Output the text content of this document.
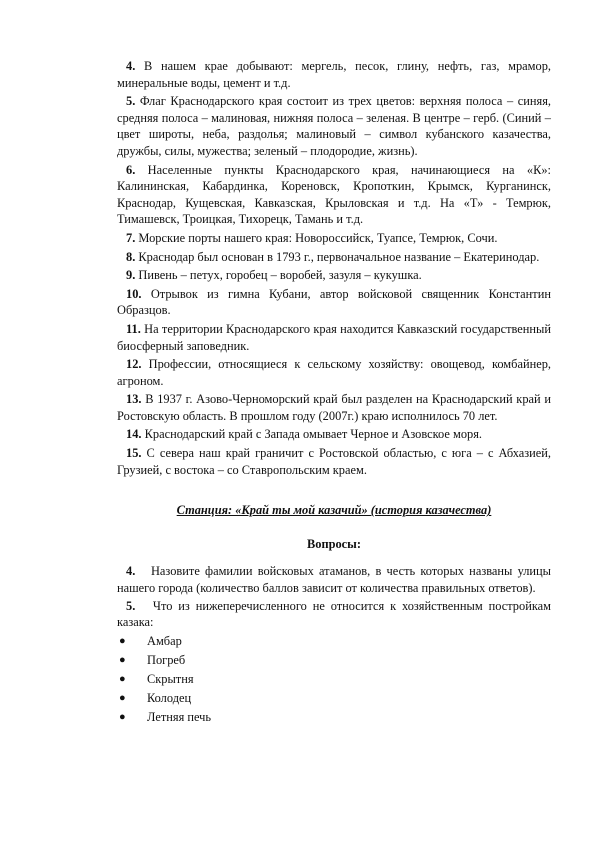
4. В нашем крае добывают: мергель, песок, глину, нефть, газ, мрамор, минеральные воды, цемент и т.д.

5. Флаг Краснодарского края состоит из трех цветов: верхняя полоса – синяя, средняя полоса – малиновая, нижняя полоса – зеленая. В центре – герб. (Синий – цвет широты, неба, раздолья; малиновый – символ кубанского казачества, дружбы, силы, мужества; зеленый – плодородие, жизнь).

6. Населенные пункты Краснодарского края, начинающиеся на «К»: Калининская, Кабардинка, Кореновск, Кропоткин, Крымск, Курганинск, Краснодар, Кущевская, Кавказская, Крыловская и т.д. На «Т» - Темрюк, Тимашевск, Троицкая, Тихорецк, Тамань и т.д.

7. Морские порты нашего края: Новороссийск, Туапсе, Темрюк, Сочи.

8. Краснодар был основан в 1793 г., первоначальное название – Екатеринодар.

9. Пивень – петух, горобец – воробей, зазуля – кукушка.

10. Отрывок из гимна Кубани, автор войсковой священник Константин Образцов.

11. На территории Краснодарского края находится Кавказский государственный биосферный заповедник.

12. Профессии, относящиеся к сельскому хозяйству: овощевод, комбайнер, агроном.

13. В 1937 г. Азово-Черноморский край был разделен на Краснодарский край и Ростовскую область. В прошлом году (2007г.) краю исполнилось 70 лет.

14. Краснодарский край с Запада омывает Черное и Азовское моря.

15. С севера наш край граничит с Ростовской областью, с юга – с Абхазией, Грузией, с востока – со Ставропольским краем.

Станция: «Край ты мой казачий» (история казачества)
Вопросы:

4. Назовите фамилии войсковых атаманов, в честь которых названы улицы нашего города (количество баллов зависит от количества правильных ответов).

5. Что из нижеперечисленного не относится к хозяйственным постройкам казака:

● Амбар
● Погреб
● Скрытня
● Колодец
● Летняя печь
